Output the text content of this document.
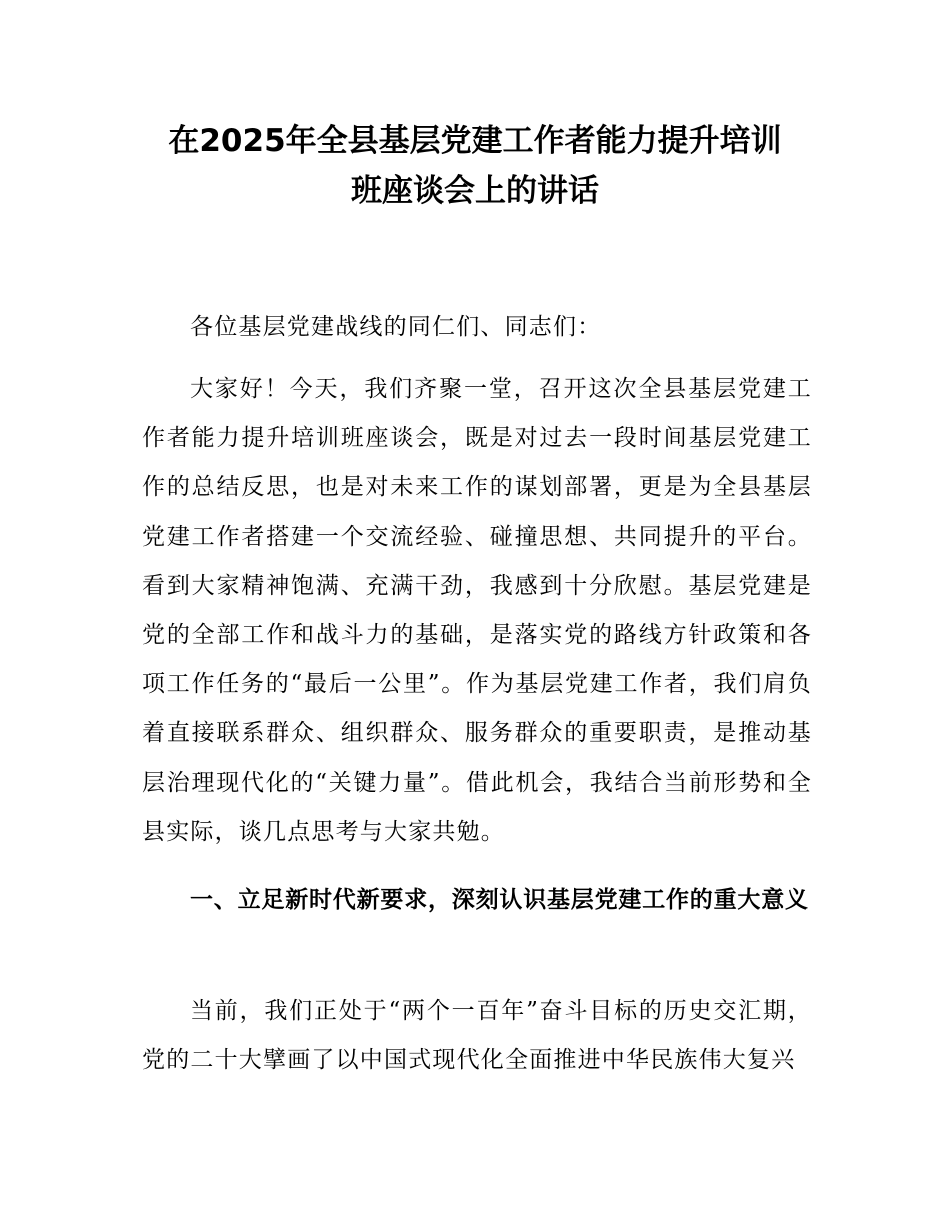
在2025年全县基层党建工作者能力提升培训
班座谈会上的讲话

各位基层党建战线的同仁们、同志们：

大家好！今天，我们齐聚一堂，召开这次全县基层党建工作者能力提升培训班座谈会，既是对过去一段时间基层党建工作的总结反思，也是对未来工作的谋划部署，更是为全县基层党建工作者搭建一个交流经验、碰撞思想、共同提升的平台。看到大家精神饱满、充满干劲，我感到十分欣慰。基层党建是党的全部工作和战斗力的基础，是落实党的路线方针政策和各项工作任务的“最后一公里”。作为基层党建工作者，我们肩负着直接联系群众、组织群众、服务群众的重要职责，是推动基层治理现代化的“关键力量”。借此机会，我结合当前形势和全县实际，谈几点思考与大家共勉。

一、立足新时代新要求，深刻认识基层党建工作的重大意义

当前，我们正处于“两个一百年”奋斗目标的历史交汇期，党的二十大擘画了以中国式现代化全面推进中华民族伟大复兴
